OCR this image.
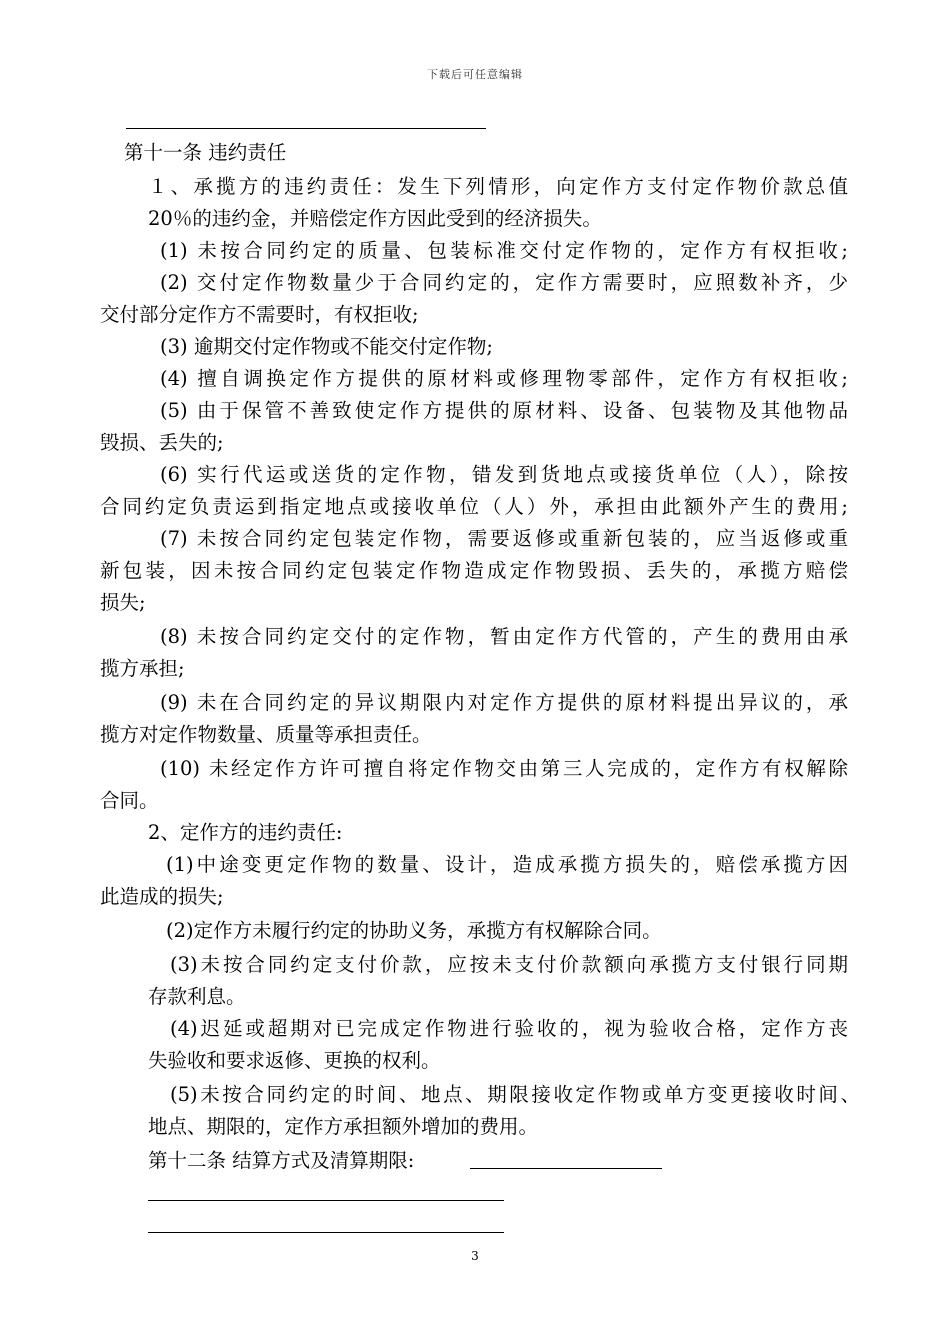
下载后可任意编辑
第十一条 违约责任
１、承揽方的违约责任：发生下列情形，向定作方支付定作物价款总值
20％的违约金，并赔偿定作方因此受到的经济损失。
(1) 未按合同约定的质量、包装标准交付定作物的，定作方有权拒收;
(2) 交付定作物数量少于合同约定的，定作方需要时，应照数补齐，少
交付部分定作方不需要时，有权拒收;
(3) 逾期交付定作物或不能交付定作物;
(4) 擅自调换定作方提供的原材料或修理物零部件，定作方有权拒收;
(5) 由于保管不善致使定作方提供的原材料、设备、包装物及其他物品
毁损、丢失的;
(6) 实行代运或送货的定作物，错发到货地点或接货单位（人），除按
合同约定负责运到指定地点或接收单位（人）外，承担由此额外产生的费用;
(7) 未按合同约定包装定作物，需要返修或重新包装的，应当返修或重
新包装，因未按合同约定包装定作物造成定作物毁损、丢失的，承揽方赔偿
损失;
(8) 未按合同约定交付的定作物，暂由定作方代管的，产生的费用由承
揽方承担;
(9) 未在合同约定的异议期限内对定作方提供的原材料提出异议的，承
揽方对定作物数量、质量等承担责任。
(10) 未经定作方许可擅自将定作物交由第三人完成的，定作方有权解除
合同。
2、定作方的违约责任:
(1)中途变更定作物的数量、设计，造成承揽方损失的，赔偿承揽方因
此造成的损失;
(2)定作方未履行约定的协助义务，承揽方有权解除合同。
(3)未按合同约定支付价款，应按未支付价款额向承揽方支付银行同期
存款利息。
(4)迟延或超期对已完成定作物进行验收的，视为验收合格，定作方丧
失验收和要求返修、更换的权利。
(5)未按合同约定的时间、地点、期限接收定作物或单方变更接收时间、
地点、期限的，定作方承担额外增加的费用。
第十二条 结算方式及清算期限:
3
